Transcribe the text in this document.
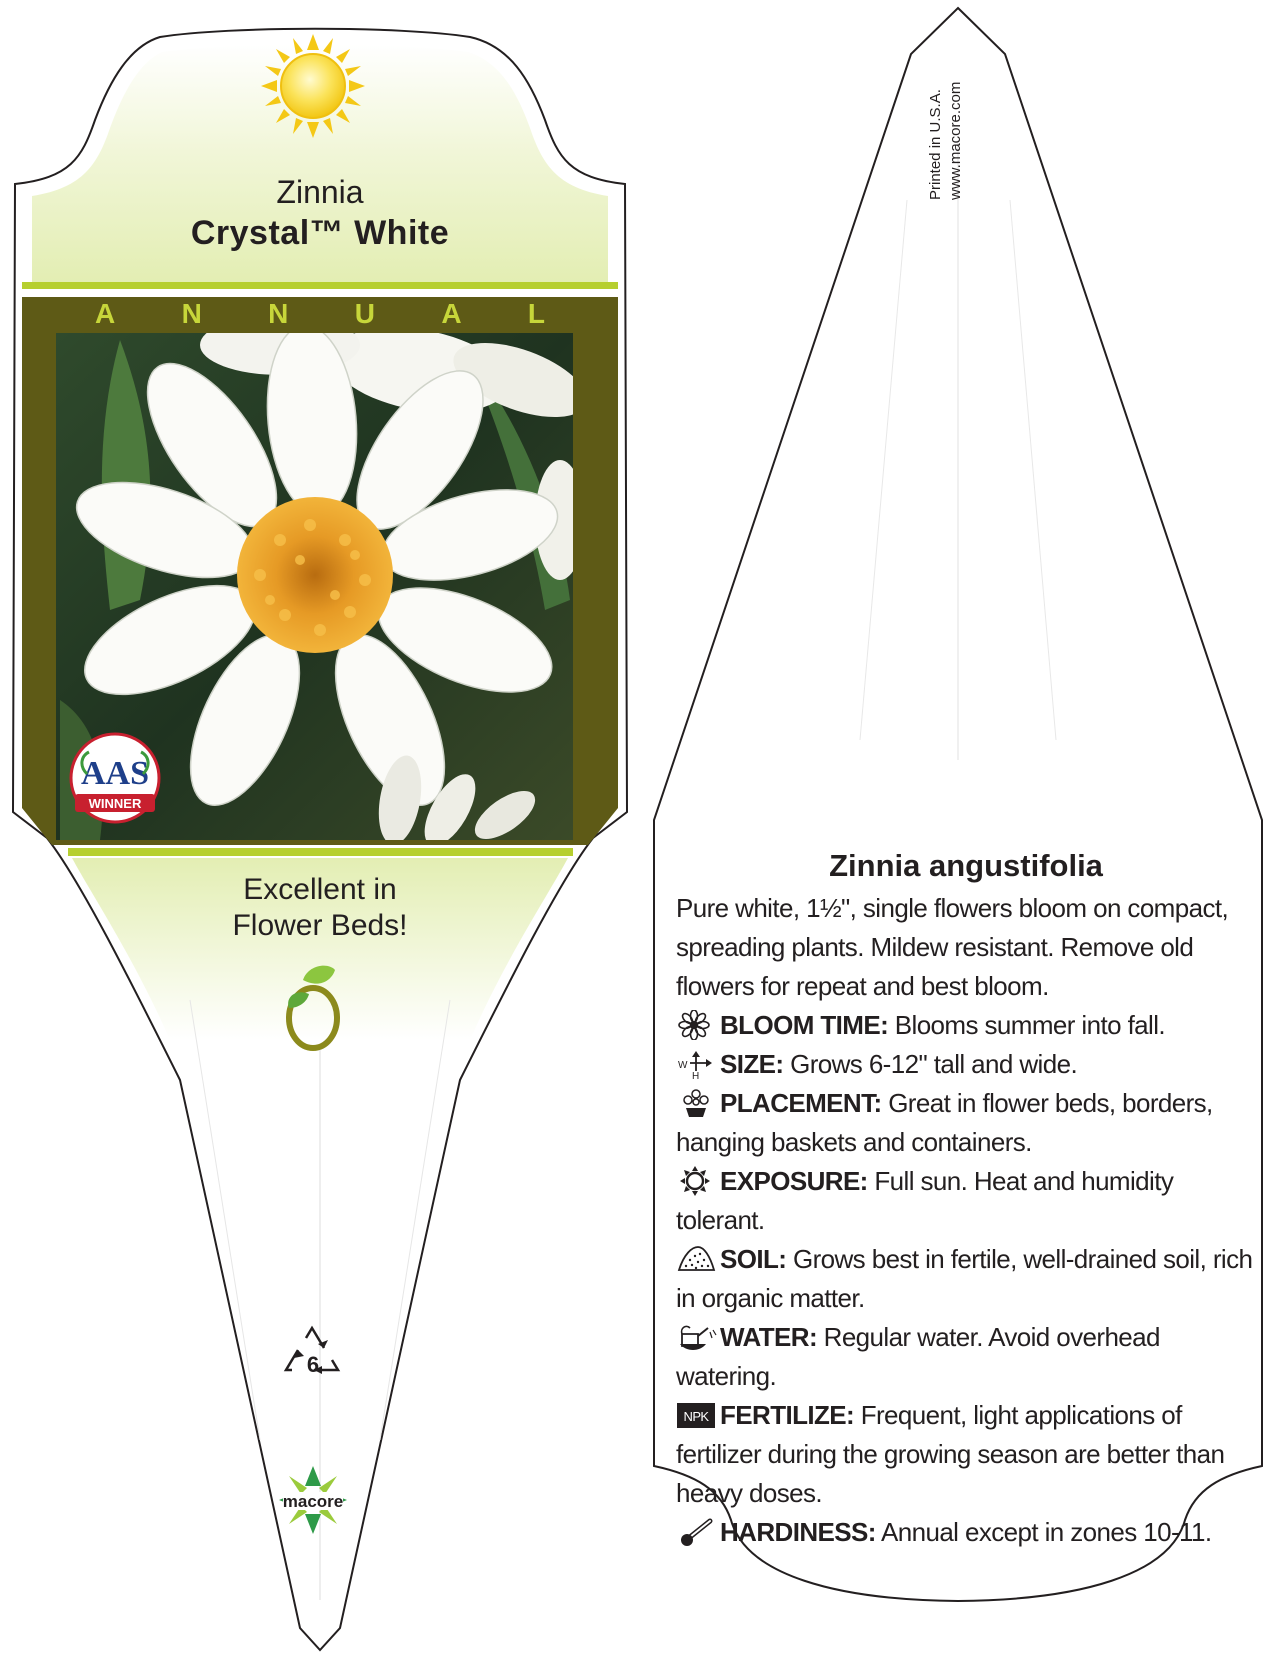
AAS
WINNER
macore
Zinnia
Crystal™ White
A N N U A L
Excellent in
Flower Beds!
6
Printed in U.S.A. www.macore.com
Zinnia angustifolia
Pure white, 1½", single flowers bloom on compact, spreading plants. Mildew resistant. Remove old flowers for repeat and best bloom.
BLOOM TIME: Blooms summer into fall.
W
H SIZE: Grows 6-12" tall and wide.
PLACEMENT: Great in flower beds, borders, hanging baskets and containers.
EXPOSURE: Full sun. Heat and humidity tolerant.
SOIL: Grows best in fertile, well-drained soil, rich in organic matter.
WATER: Regular water. Avoid overhead watering.
NPK FERTILIZE: Frequent, light applications of fertilizer during the growing season are better than heavy doses.
HARDINESS: Annual except in zones 10-11.
